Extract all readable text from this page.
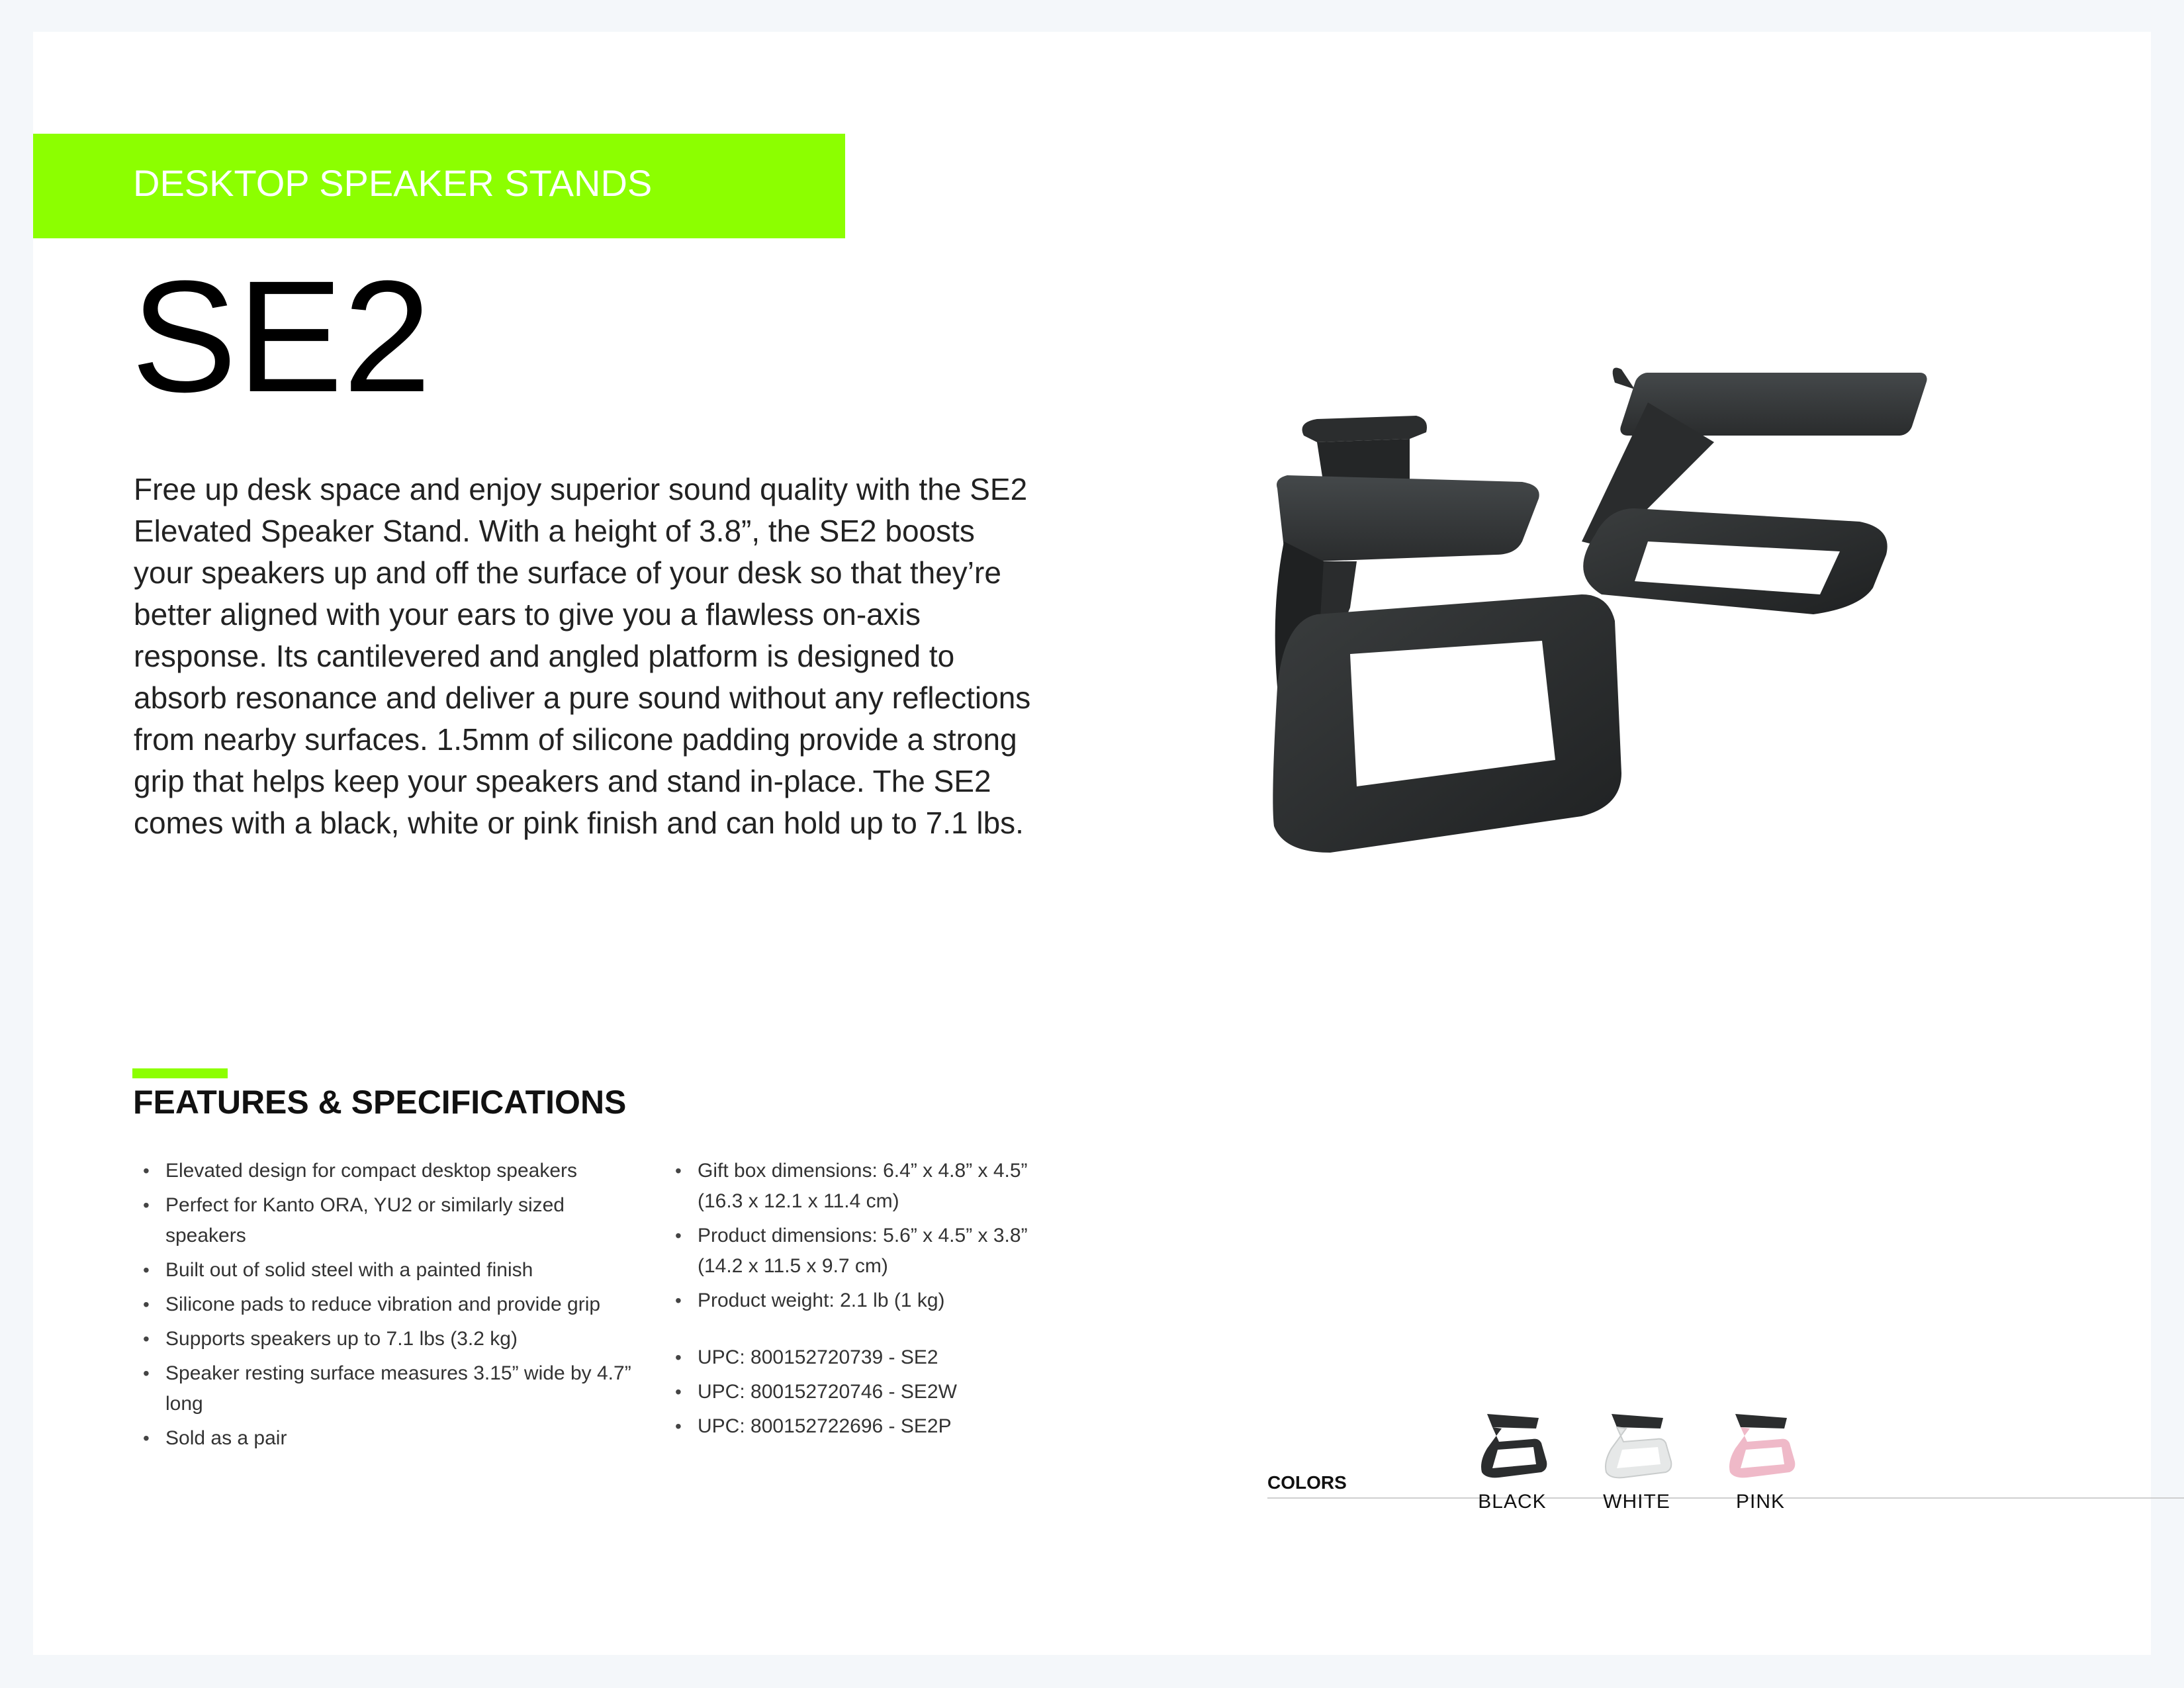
DESKTOP SPEAKER STANDS
SE2

Free up desk space and enjoy superior sound quality with the SE2 Elevated Speaker Stand. With a height of 3.8”, the SE2 boosts your speakers up and off the surface of your desk so that they’re better aligned with your ears to give you a flawless on-axis response. Its cantilevered and angled platform is designed to absorb resonance and deliver a pure sound without any reflections from nearby surfaces. 1.5mm of silicone padding provide a strong grip that helps keep your speakers and stand in-place. The SE2 comes with a black, white or pink finish and can hold up to 7.1 lbs.

FEATURES & SPECIFICATIONS
• Elevated design for compact desktop speakers
• Perfect for Kanto ORA, YU2 or similarly sized speakers
• Built out of solid steel with a painted finish
• Silicone pads to reduce vibration and provide grip
• Supports speakers up to 7.1 lbs (3.2 kg)
• Speaker resting surface measures 3.15” wide by 4.7” long
• Sold as a pair
• Gift box dimensions: 6.4” x 4.8” x 4.5” (16.3 x 12.1 x 11.4 cm)
• Product dimensions: 5.6” x 4.5” x 3.8” (14.2 x 11.5 x 9.7 cm)
• Product weight: 2.1 lb (1 kg)
• UPC: 800152720739 - SE2
• UPC: 800152720746 - SE2W
• UPC: 800152722696 - SE2P
COLORS
BLACK	WHITE	PINK
